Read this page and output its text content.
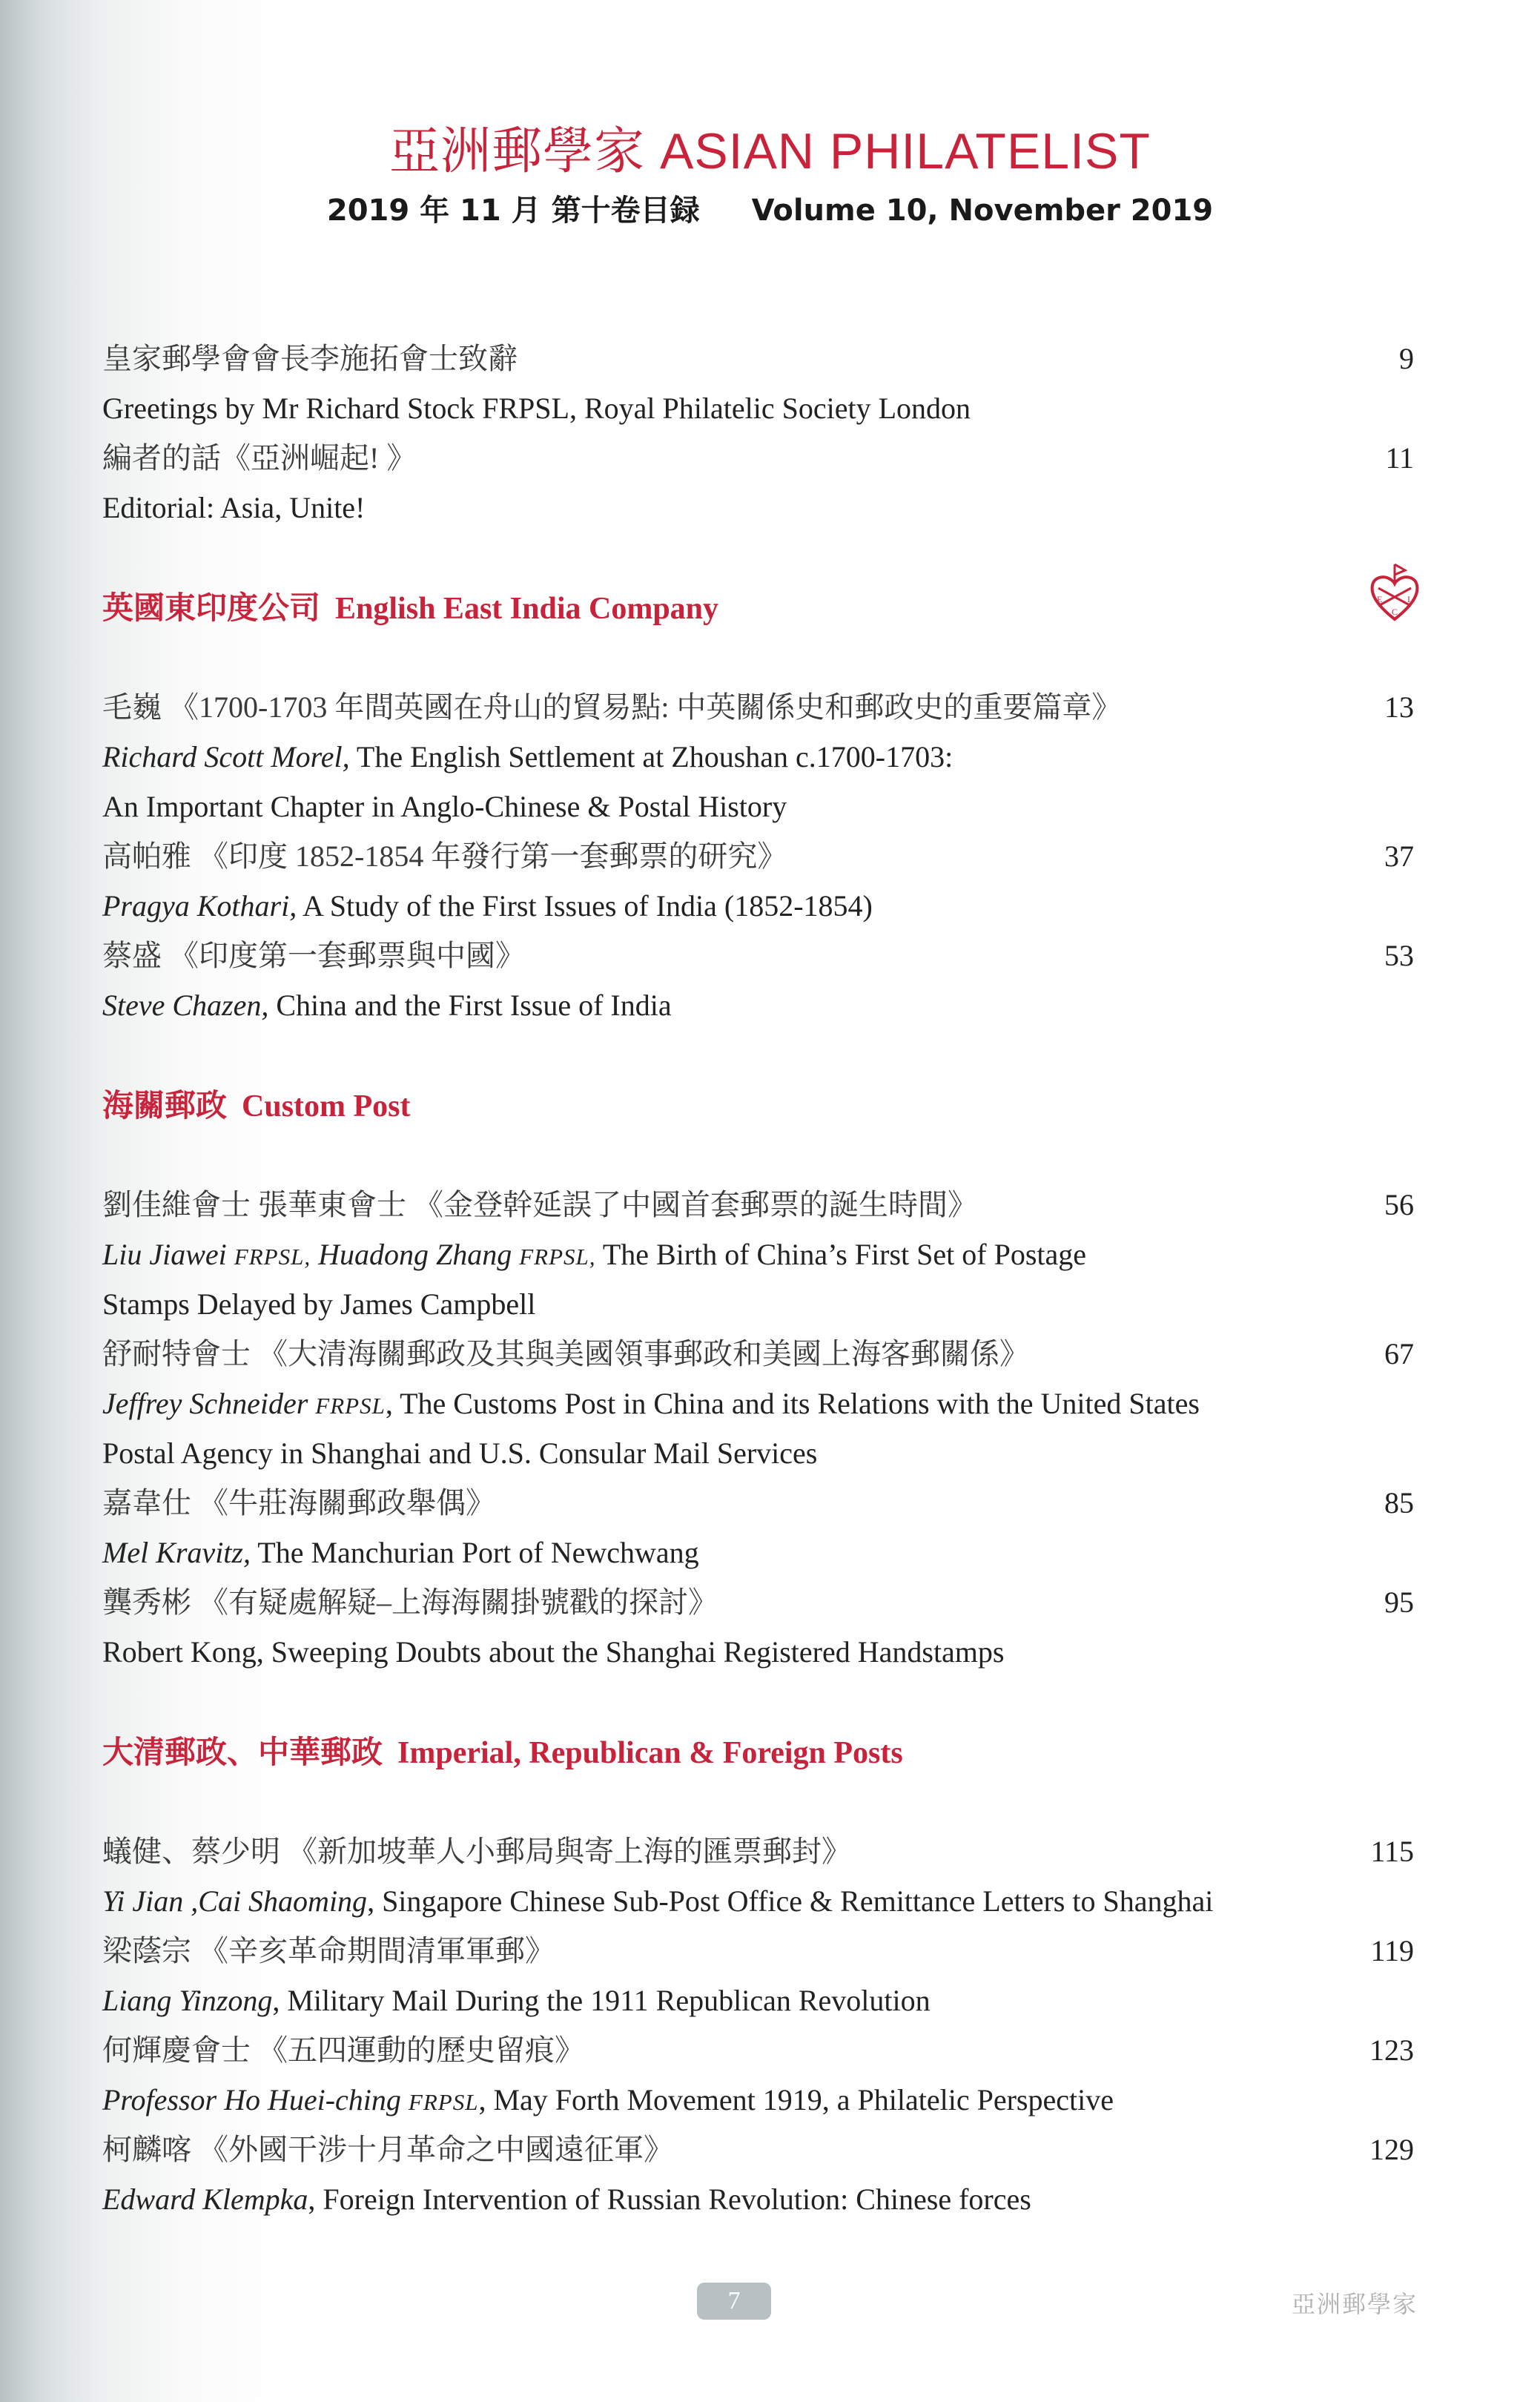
亞洲郵學家 ASIAN PHILATELIST
2019 年 11 月 第十卷目録 Volume 10, November 2019
皇家郵學會會長李施拓會士致辭	9
Greetings by Mr Richard Stock FRPSL, Royal Philatelic Society London
編者的話《亞洲崛起! 》	11
Editorial: Asia, Unite!
英國東印度公司 English East India Company	E	I
C
毛巍 《1700-1703 年間英國在舟山的貿易點: 中英關係史和郵政史的重要篇章》	13
Richard Scott Morel, The English Settlement at Zhoushan c.1700-1703:
An Important Chapter in Anglo-Chinese & Postal History
高帕雅 《印度 1852-1854 年發行第一套郵票的研究》	37
Pragya Kothari, A Study of the First Issues of India (1852-1854)
蔡盛 《印度第一套郵票與中國》	53
Steve Chazen, China and the First Issue of India
海關郵政 Custom Post
劉佳維會士 張華東會士 《金登幹延誤了中國首套郵票的誕生時間》	56
Liu Jiawei FRPSL, Huadong Zhang FRPSL, The Birth of China’s First Set of Postage
Stamps Delayed by James Campbell
舒耐特會士 《大清海關郵政及其與美國領事郵政和美國上海客郵關係》	67
Jeffrey Schneider FRPSL, The Customs Post in China and its Relations with the United States
Postal Agency in Shanghai and U.S. Consular Mail Services
嘉韋仕 《牛莊海關郵政舉偶》	85
Mel Kravitz, The Manchurian Port of Newchwang
龔秀彬 《有疑處解疑–上海海關掛號戳的探討》	95
Robert Kong, Sweeping Doubts about the Shanghai Registered Handstamps
大清郵政、中華郵政 Imperial, Republican & Foreign Posts
蟻健、蔡少明 《新加坡華人小郵局與寄上海的匯票郵封》	115
Yi Jian ,Cai Shaoming, Singapore Chinese Sub-Post Office & Remittance Letters to Shanghai
梁蔭宗 《辛亥革命期間清軍軍郵》	119
Liang Yinzong, Military Mail During the 1911 Republican Revolution
何輝慶會士 《五四運動的歷史留痕》	123
Professor Ho Huei-ching FRPSL, May Forth Movement 1919, a Philatelic Perspective
柯麟喀 《外國干涉十月革命之中國遠征軍》	129
Edward Klempka, Foreign Intervention of Russian Revolution: Chinese forces
7	亞洲郵學家
